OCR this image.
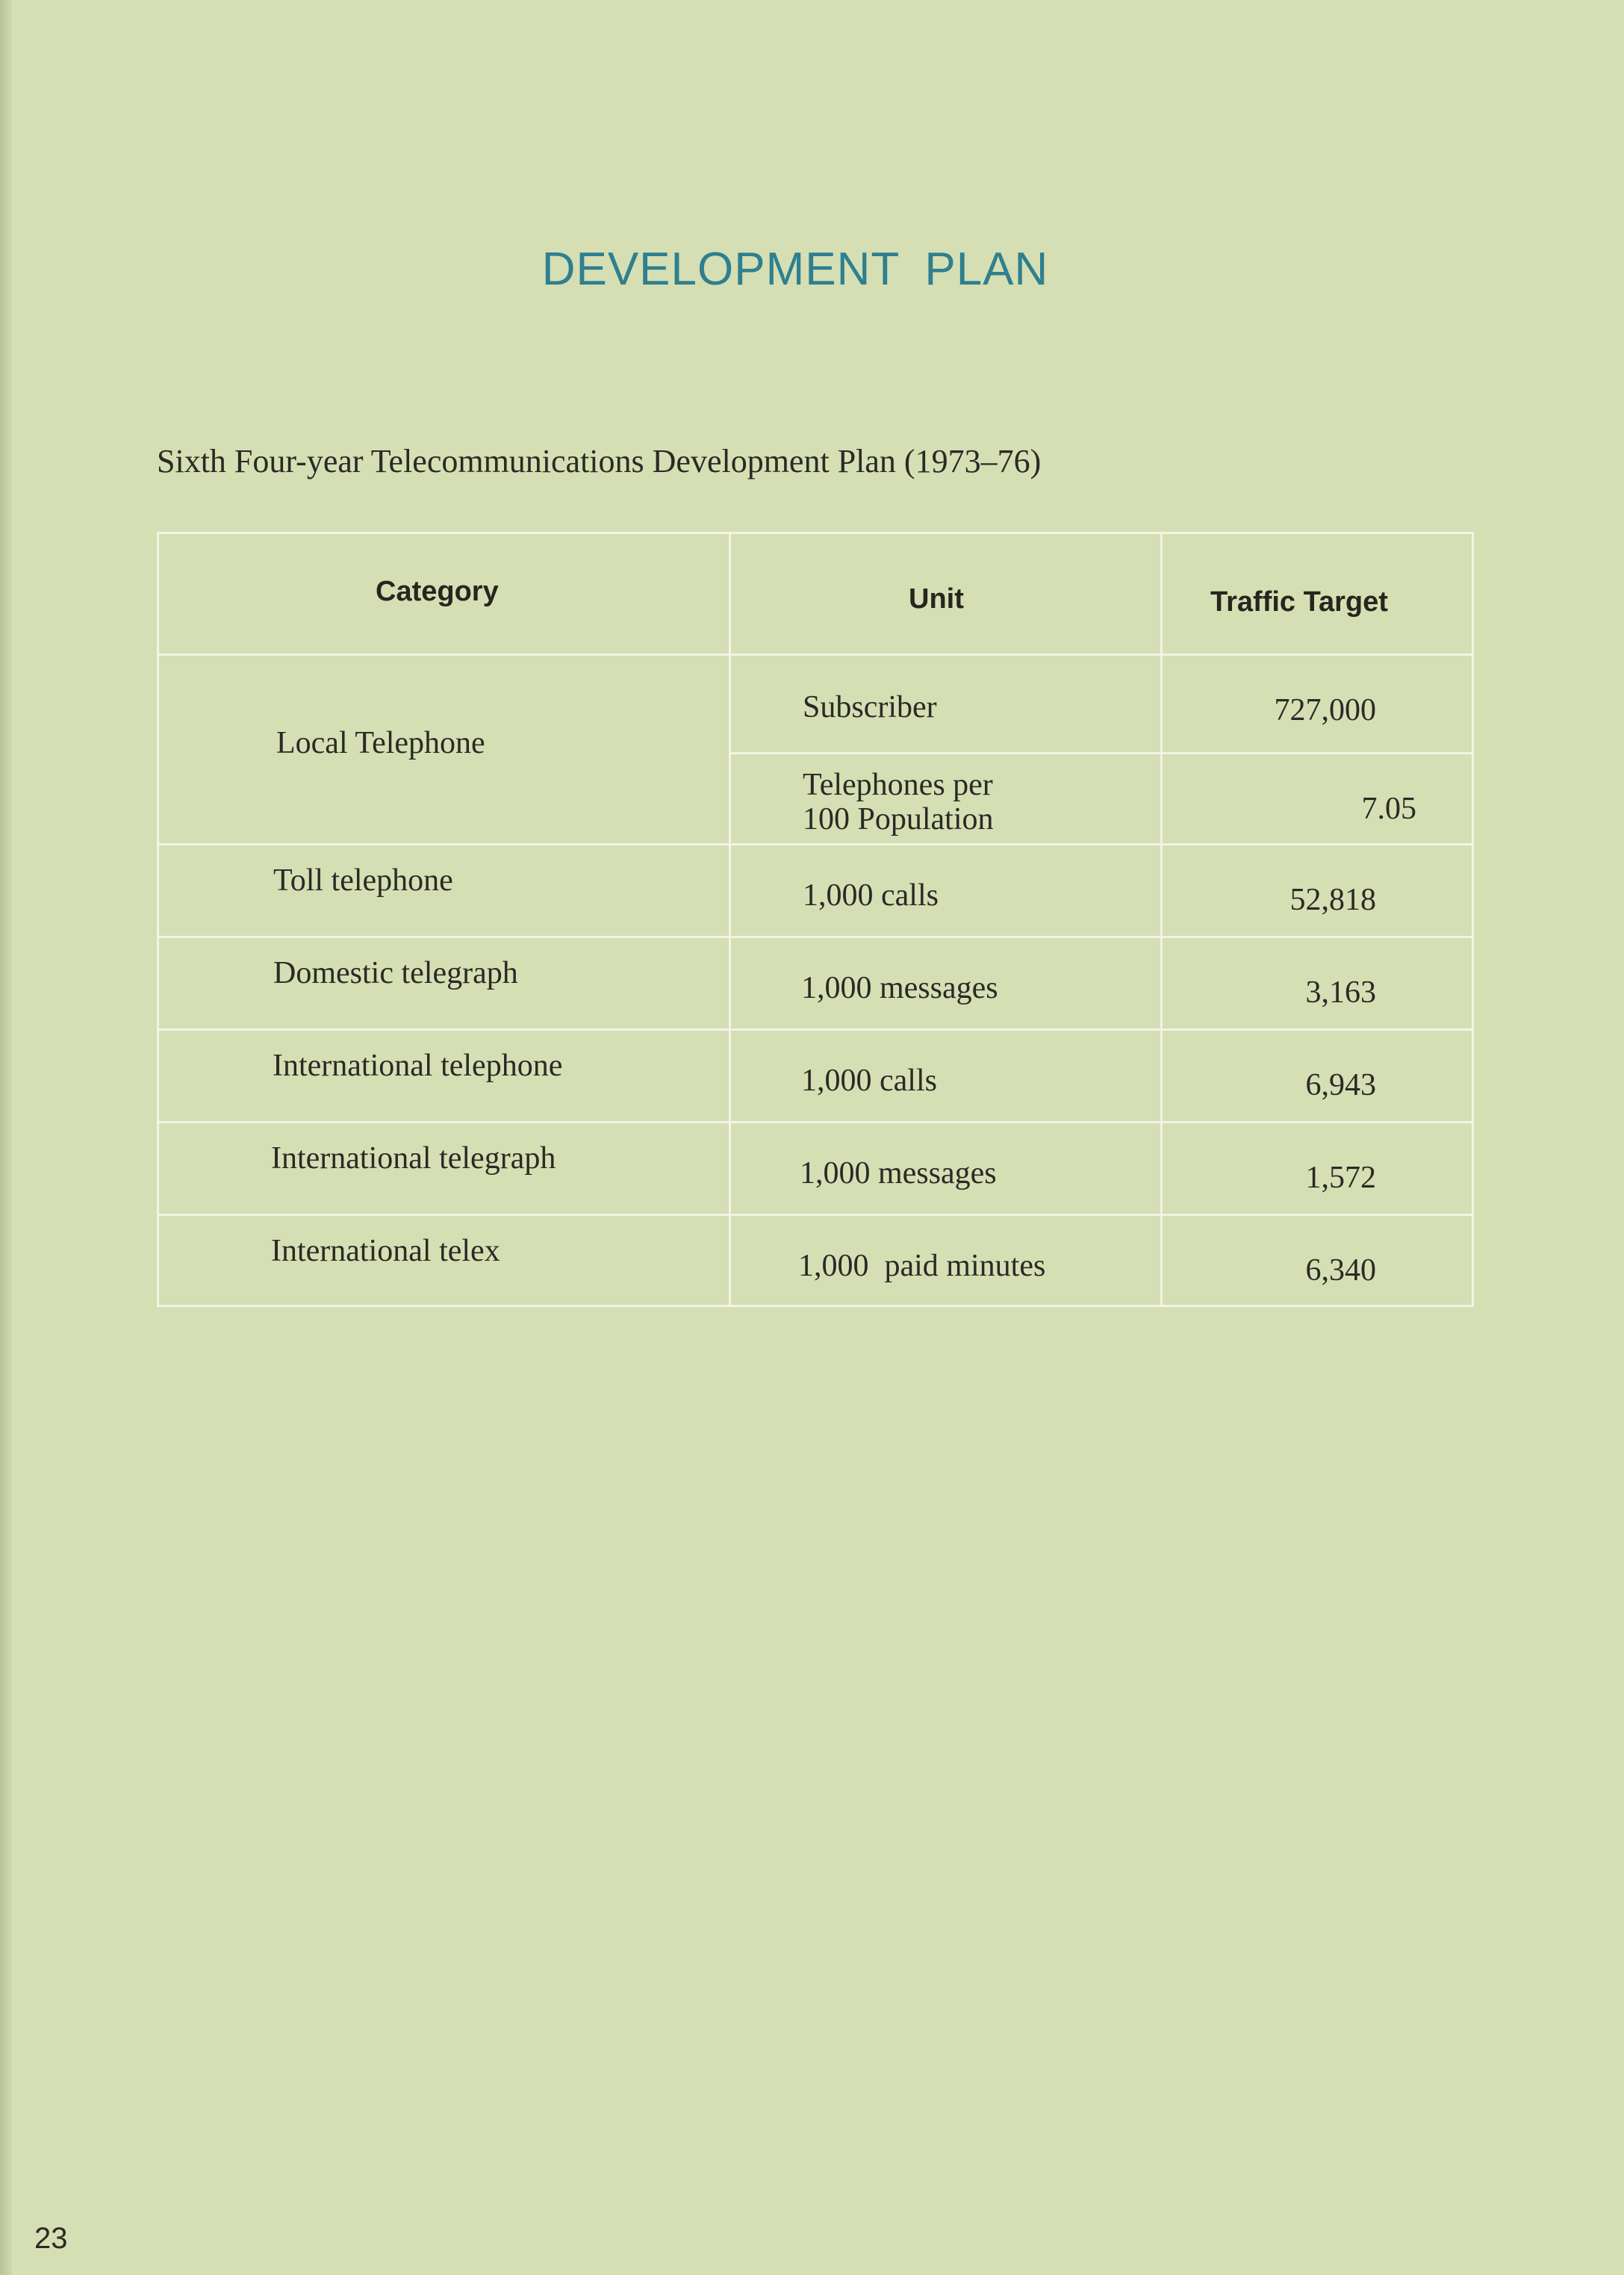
DEVELOPMENT PLAN
Sixth Four-year Telecommunications Development Plan (1973–76)
Category	Unit	Traffic Target
Local Telephone
Subscriber	727,000
Telephones per
100 Population	7.05
Toll telephone	1,000 calls	52,818
Domestic telegraph	1,000 messages	3,163
International telephone	1,000 calls	6,943
International telegraph	1,000 messages	1,572
International telex	1,000  paid minutes	6,340
23
